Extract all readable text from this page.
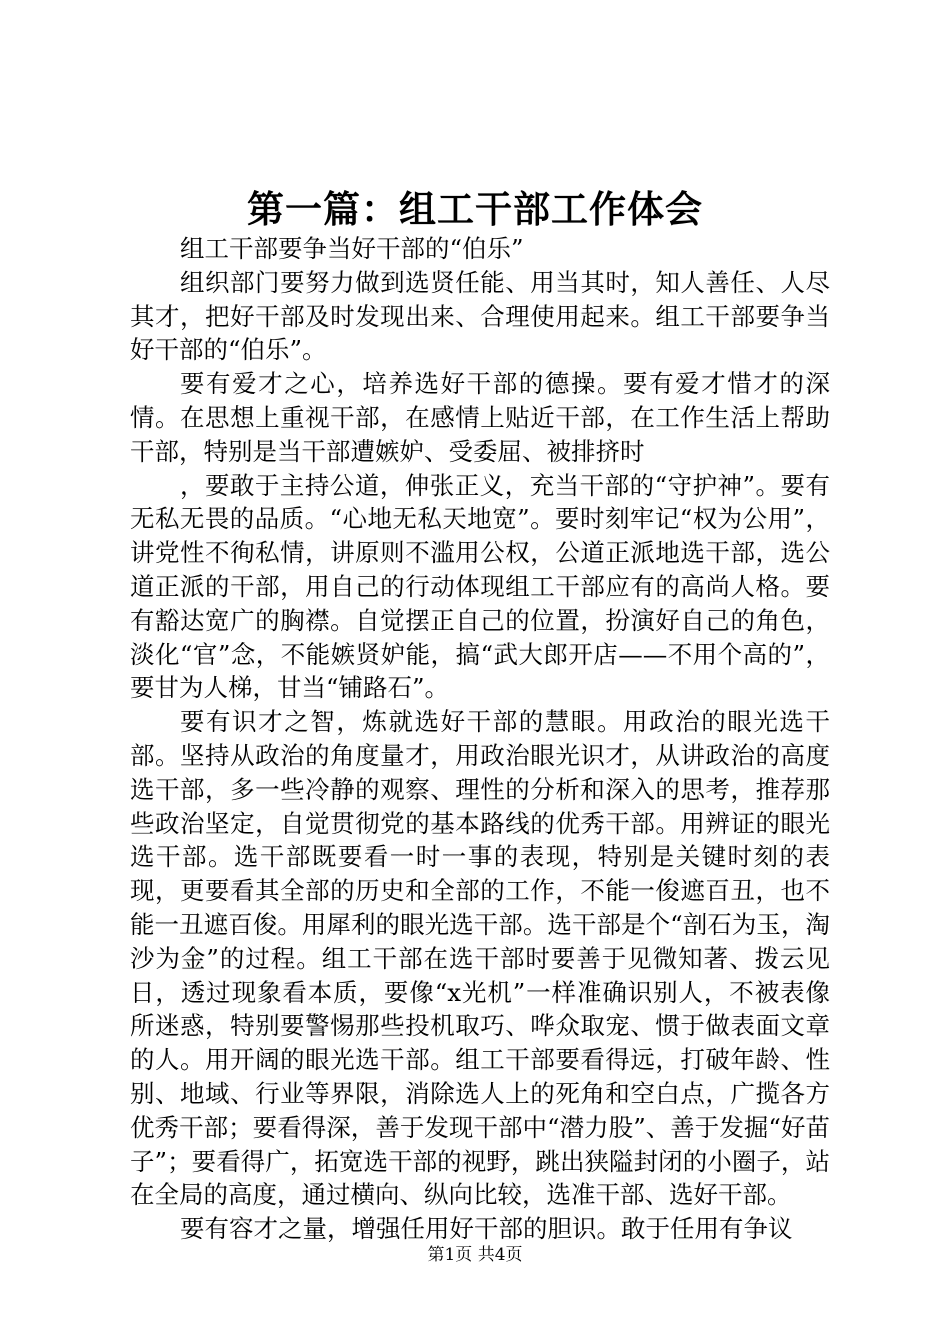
第一篇：组工干部工作体会

组工干部要争当好干部的“伯乐”

组织部门要努力做到选贤任能、用当其时，知人善任、人尽其才，把好干部及时发现出来、合理使用起来。组工干部要争当好干部的“伯乐”。

要有爱才之心，培养选好干部的德操。要有爱才惜才的深情。在思想上重视干部，在感情上贴近干部，在工作生活上帮助干部，特别是当干部遭嫉妒、受委屈、被排挤时

，要敢于主持公道，伸张正义，充当干部的“守护神”。要有无私无畏的品质。“心地无私天地宽”。要时刻牢记“权为公用”，讲党性不徇私情，讲原则不滥用公权，公道正派地选干部，选公道正派的干部，用自己的行动体现组工干部应有的高尚人格。要有豁达宽广的胸襟。自觉摆正自己的位置，扮演好自己的角色，淡化“官”念，不能嫉贤妒能，搞“武大郎开店——不用个高的”，要甘为人梯，甘当“铺路石”。

要有识才之智，炼就选好干部的慧眼。用政治的眼光选干部。坚持从政治的角度量才，用政治眼光识才，从讲政治的高度选干部，多一些冷静的观察、理性的分析和深入的思考，推荐那些政治坚定，自觉贯彻党的基本路线的优秀干部。用辨证的眼光选干部。选干部既要看一时一事的表现，特别是关键时刻的表现，更要看其全部的历史和全部的工作，不能一俊遮百丑，也不能一丑遮百俊。用犀利的眼光选干部。选干部是个“剖石为玉，淘沙为金”的过程。组工干部在选干部时要善于见微知著、拨云见日，透过现象看本质，要像“x光机”一样准确识别人，不被表像所迷惑，特别要警惕那些投机取巧、哗众取宠、惯于做表面文章的人。用开阔的眼光选干部。组工干部要看得远，打破年龄、性别、地域、行业等界限，消除选人上的死角和空白点，广揽各方优秀干部；要看得深，善于发现干部中“潜力股”、善于发掘“好苗子”；要看得广，拓宽选干部的视野，跳出狭隘封闭的小圈子，站在全局的高度，通过横向、纵向比较，选准干部、选好干部。

要有容才之量，增强任用好干部的胆识。敢于任用有争议

第1页 共4页
